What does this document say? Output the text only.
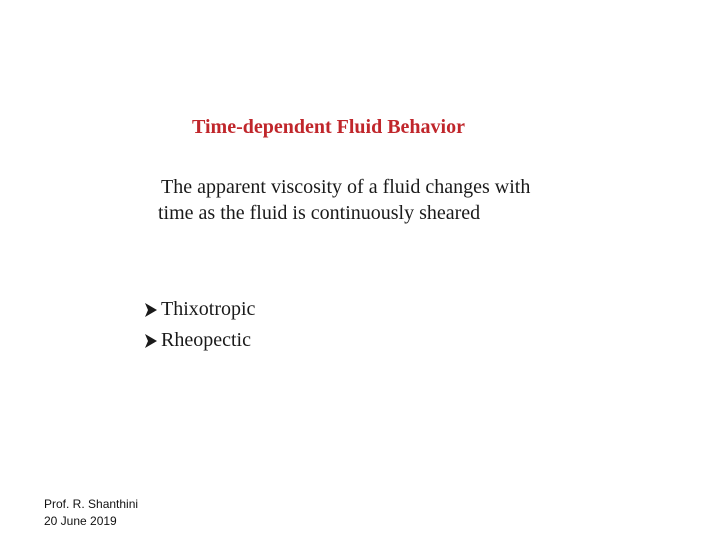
Time-dependent Fluid Behavior
The apparent viscosity of a fluid changes with
time as the fluid is continuously sheared
Thixotropic
Rheopectic
Prof. R. Shanthini
20 June 2019
